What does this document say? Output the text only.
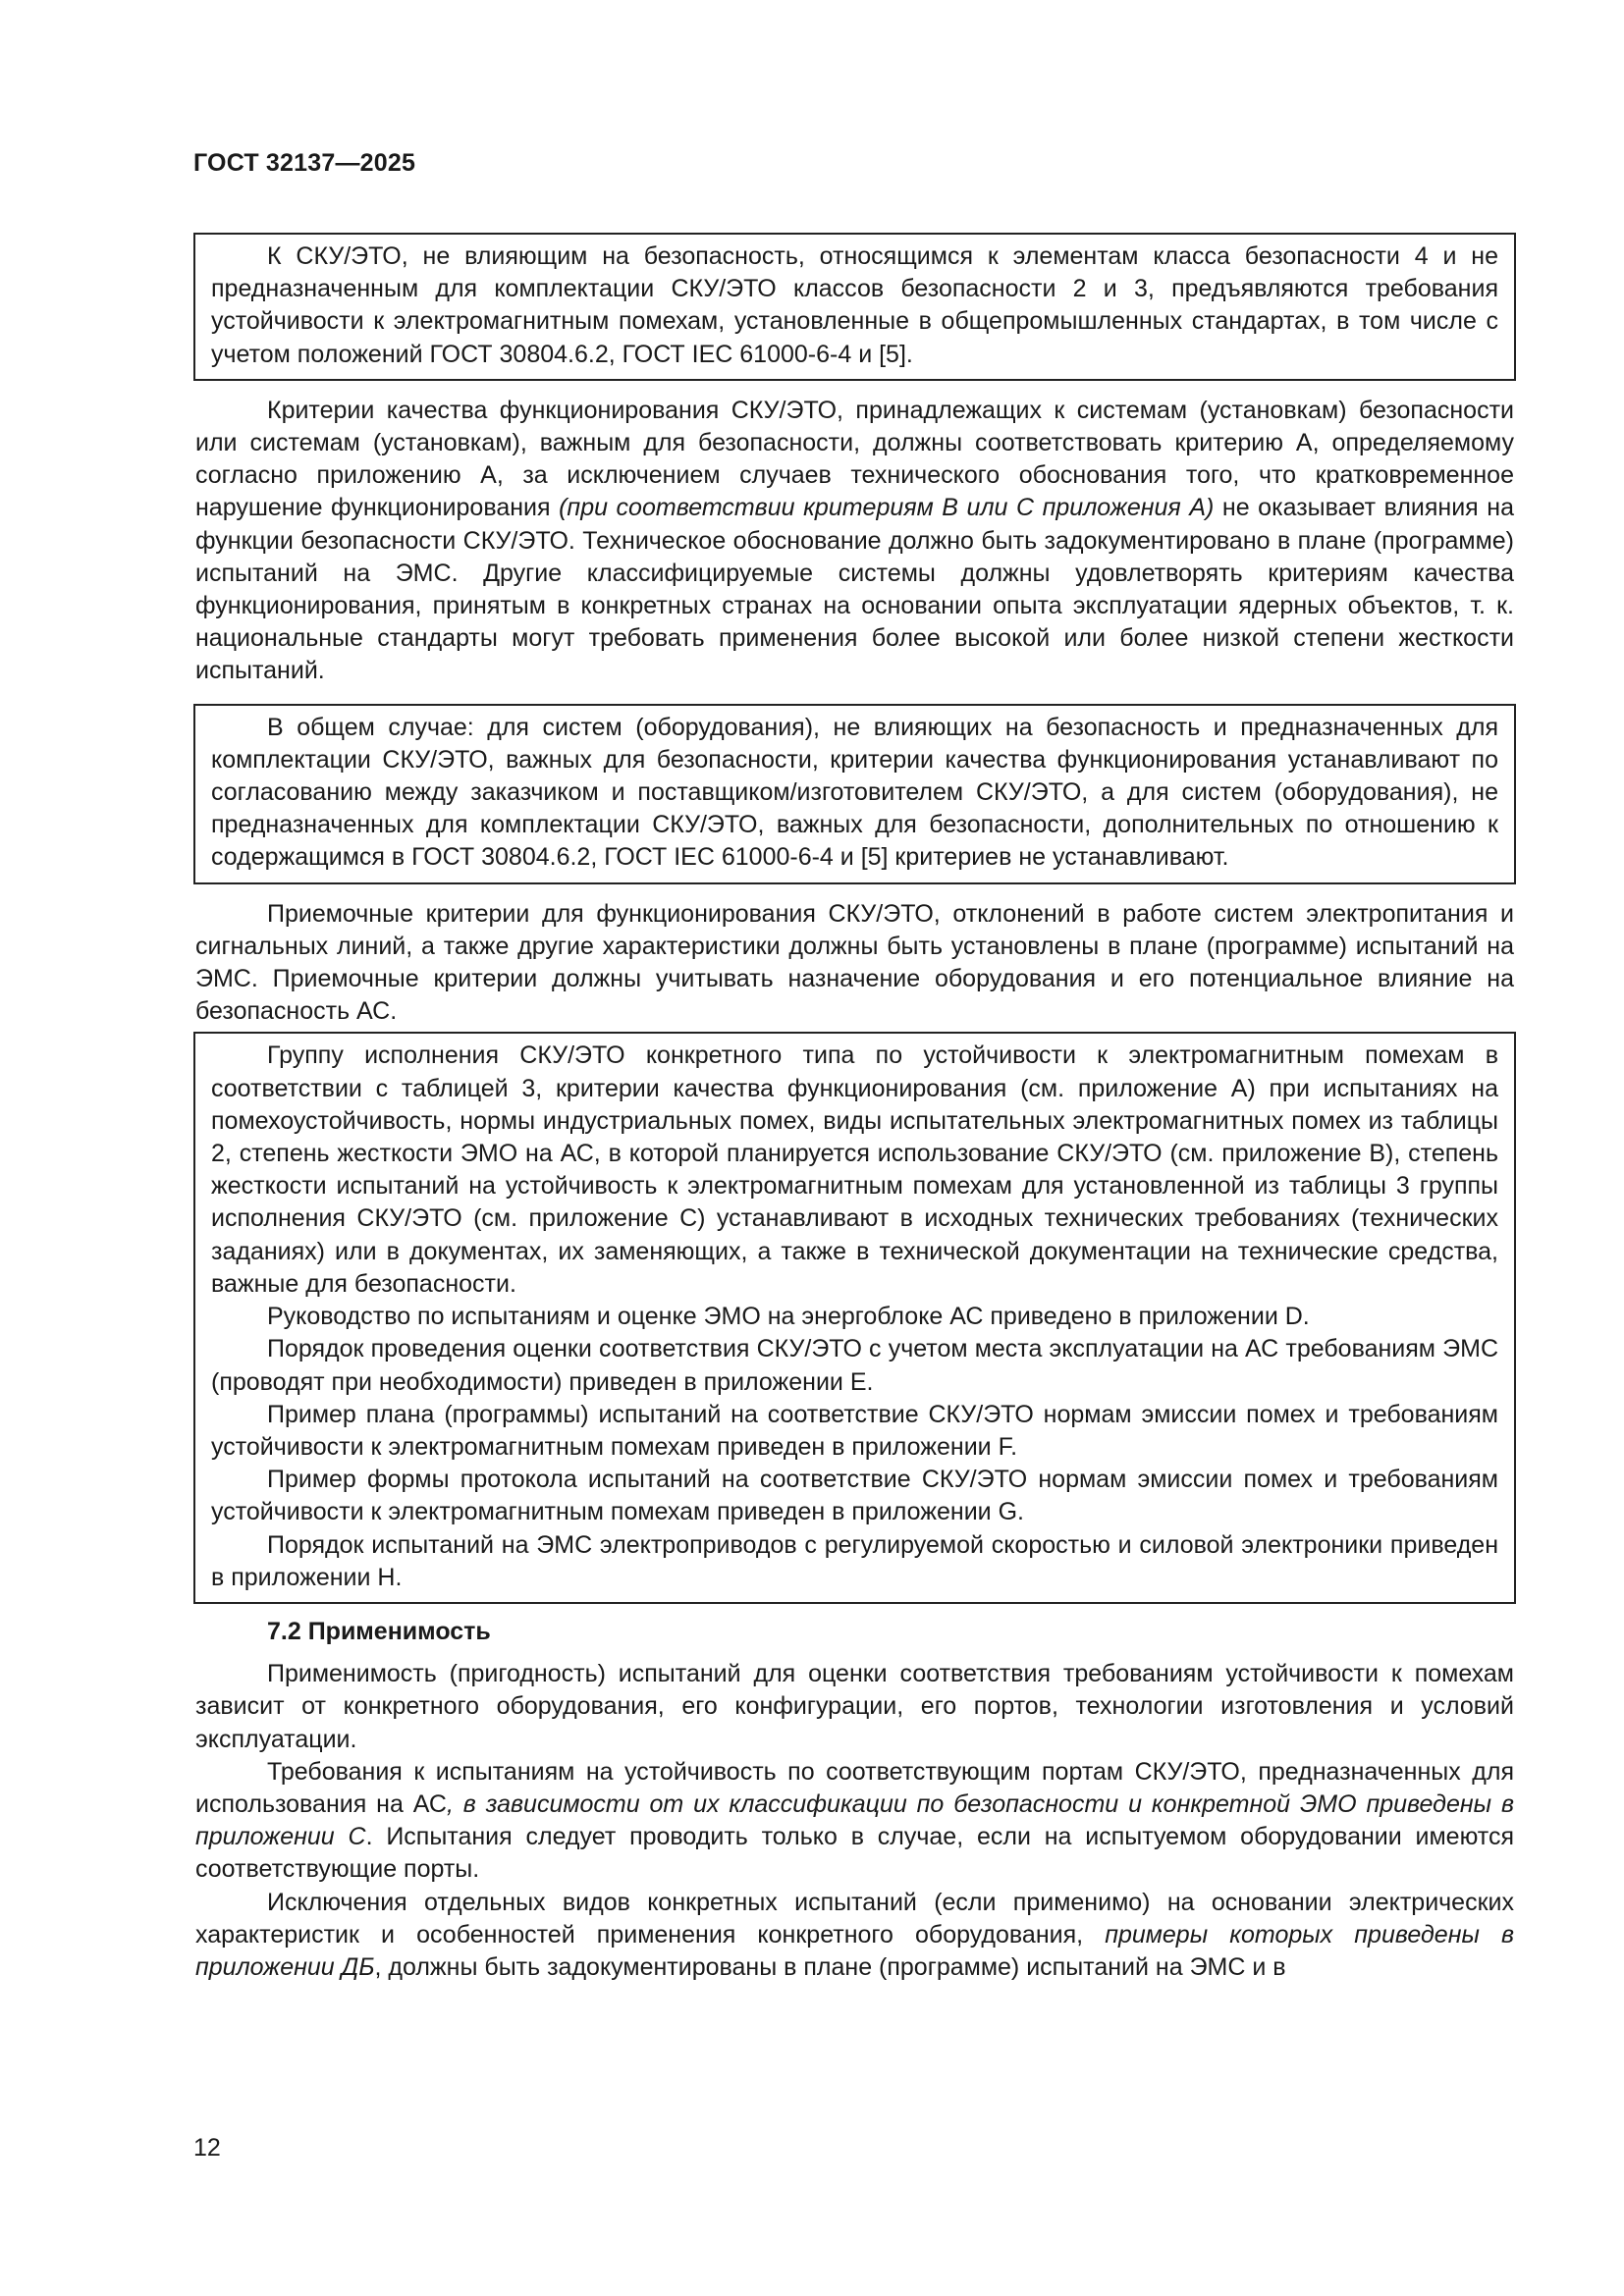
ГОСТ 32137—2025

К СКУ/ЭТО, не влияющим на безопасность, относящимся к элементам класса безопасности 4 и не предназначенным для комплектации СКУ/ЭТО классов безопасности 2 и 3, предъявляются требования устойчивости к электромагнитным помехам, установленные в общепромышленных стандартах, в том числе с учетом положений ГОСТ 30804.6.2, ГОСТ IEC 61000-6-4 и [5].

Критерии качества функционирования СКУ/ЭТО, принадлежащих к системам (установкам) безопасности или системам (установкам), важным для безопасности, должны соответствовать критерию А, определяемому согласно приложению А, за исключением случаев технического обоснования того, что кратковременное нарушение функционирования (при соответствии критериям В или С приложения А) не оказывает влияния на функции безопасности СКУ/ЭТО. Техническое обоснование должно быть задокументировано в плане (программе) испытаний на ЭМС. Другие классифицируемые системы должны удовлетворять критериям качества функционирования, принятым в конкретных странах на основании опыта эксплуатации ядерных объектов, т. к. национальные стандарты могут требовать применения более высокой или более низкой степени жесткости испытаний.

В общем случае: для систем (оборудования), не влияющих на безопасность и предназначенных для комплектации СКУ/ЭТО, важных для безопасности, критерии качества функционирования устанавливают по согласованию между заказчиком и поставщиком/изготовителем СКУ/ЭТО, а для систем (оборудования), не предназначенных для комплектации СКУ/ЭТО, важных для безопасности, дополнительных по отношению к содержащимся в ГОСТ 30804.6.2, ГОСТ IEC 61000-6-4 и [5] критериев не устанавливают.

Приемочные критерии для функционирования СКУ/ЭТО, отклонений в работе систем электропитания и сигнальных линий, а также другие характеристики должны быть установлены в плане (программе) испытаний на ЭМС. Приемочные критерии должны учитывать назначение оборудования и его потенциальное влияние на безопасность АС.

Группу исполнения СКУ/ЭТО конкретного типа по устойчивости к электромагнитным помехам в соответствии с таблицей 3, критерии качества функционирования (см. приложение А) при испытаниях на помехоустойчивость, нормы индустриальных помех, виды испытательных электромагнитных помех из таблицы 2, степень жесткости ЭМО на АС, в которой планируется использование СКУ/ЭТО (см. приложение В), степень жесткости испытаний на устойчивость к электромагнитным помехам для установленной из таблицы 3 группы исполнения СКУ/ЭТО (см. приложение С) устанавливают в исходных технических требованиях (технических заданиях) или в документах, их заменяющих, а также в технической документации на технические средства, важные для безопасности.

Руководство по испытаниям и оценке ЭМО на энергоблоке АС приведено в приложении D.

Порядок проведения оценки соответствия СКУ/ЭТО с учетом места эксплуатации на АС требованиям ЭМС (проводят при необходимости) приведен в приложении Е.

Пример плана (программы) испытаний на соответствие СКУ/ЭТО нормам эмиссии помех и требованиям устойчивости к электромагнитным помехам приведен в приложении F.

Пример формы протокола испытаний на соответствие СКУ/ЭТО нормам эмиссии помех и требованиям устойчивости к электромагнитным помехам приведен в приложении G.

Порядок испытаний на ЭМС электроприводов с регулируемой скоростью и силовой электроники приведен в приложении Н.

7.2 Применимость

Применимость (пригодность) испытаний для оценки соответствия требованиям устойчивости к помехам зависит от конкретного оборудования, его конфигурации, его портов, технологии изготовления и условий эксплуатации.

Требования к испытаниям на устойчивость по соответствующим портам СКУ/ЭТО, предназначенных для использования на АС, в зависимости от их классификации по безопасности и конкретной ЭМО приведены в приложении С. Испытания следует проводить только в случае, если на испытуемом оборудовании имеются соответствующие порты.

Исключения отдельных видов конкретных испытаний (если применимо) на основании электрических характеристик и особенностей применения конкретного оборудования, примеры которых приведены в приложении ДБ, должны быть задокументированы в плане (программе) испытаний на ЭМС и в

12
